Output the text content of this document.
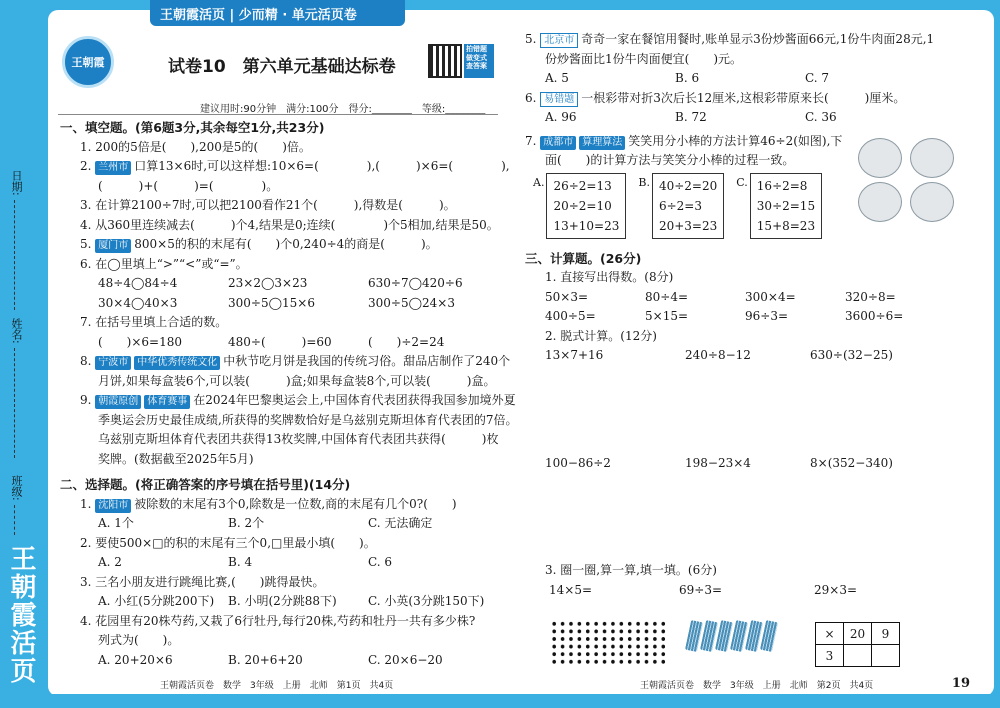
王朝霞活页 | 少而精 · 单元活页卷
日期:
姓名:
班级:
王朝霞活页
王朝霞	试卷10　第六单元基础达标卷
拍错题 做变式 查答案
建议用时:90分钟　满分:100分　得分:________　等级:________
一、填空题。(第6题3分,其余每空1分,共23分)
1. 200的5倍是(　　),200是5的(　　)倍。
2. 兰州市 口算13×6时,可以这样想:10×6=(　　　　),(　　　)×6=(　　　　),
(　　　)+(　　　)=(　　　　)。
3. 在计算2100÷7时,可以把2100看作21个(　　　),得数是(　　　)。
4. 从360里连续减去(　　　)个4,结果是0;连续(　　　　)个5相加,结果是50。
5. 厦门市 800×5的积的末尾有(　　)个0,240÷4的商是(　　　)。
6. 在◯里填上“>”“<”或“=”。
48÷4◯84÷4	23×2◯3×23	630÷7◯420÷6
30×4◯40×3	300÷5◯15×6	300÷5◯24×3
7. 在括号里填上合适的数。
(　　)×6=180	480÷(　　　)=60	(　　)÷2=24
8. 宁波市 中华优秀传统文化 中秋节吃月饼是我国的传统习俗。甜品店制作了240个
月饼,如果每盒装6个,可以装(　　　)盒;如果每盒装8个,可以装(　　　)盒。
9. 朝霞原创 体育赛事 在2024年巴黎奥运会上,中国体育代表团获得我国参加境外夏
季奥运会历史最佳成绩,所获得的奖牌数恰好是乌兹别克斯坦体育代表团的7倍。
乌兹别克斯坦体育代表团共获得13枚奖牌,中国体育代表团共获得(　　　)枚
奖牌。(数据截至2025年5月)
二、选择题。(将正确答案的序号填在括号里)(14分)
1. 沈阳市 被除数的末尾有3个0,除数是一位数,商的末尾有几个0?(　　)
A. 1个	B. 2个	C. 无法确定
2. 要使500×□的积的末尾有三个0,□里最小填(　　)。
A. 2	B. 4	C. 6
3. 三名小朋友进行跳绳比赛,(　　)跳得最快。
A. 小红(5分跳200下)	B. 小明(2分跳88下)	C. 小英(3分跳150下)
4. 花园里有20株芍药,又栽了6行牡丹,每行20株,芍药和牡丹一共有多少株?
列式为(　　)。
A. 20+20×6	B. 20+6+20	C. 20×6−20
5. 北京市 奇奇一家在餐馆用餐时,账单显示3份炒酱面66元,1份牛肉面28元,1
份炒酱面比1份牛肉面便宜(　　)元。
A. 5	B. 6	C. 7
6. 易错题 一根彩带对折3次后长12厘米,这根彩带原来长(　　　)厘米。
A. 96	B. 72	C. 36
7. 成都市 算理算法 笑笑用分小棒的方法计算46÷2(如图),下
面(　　)的计算方法与笑笑分小棒的过程一致。
A. 26÷2=13
20÷2=10
13+10=23
B. 40÷2=20
6÷2=3
20+3=23
C. 16÷2=8
30÷2=15
15+8=23
三、计算题。(26分)
1. 直接写出得数。(8分)
50×3=	80÷4=	300×4=	320÷8=
400÷5=	5×15=	96÷3=	3600÷6=
2. 脱式计算。(12分)
13×7+16	240÷8−12	630÷(32−25)
100−86÷2	198−23×4	8×(352−340)
3. 圈一圈,算一算,填一填。(6分)
14×5=	69÷3=	29×3=
×	20	9
3		
王朝霞活页卷　数学　3年级　上册　北师　第1页　共4页	王朝霞活页卷　数学　3年级　上册　北师　第2页　共4页	19
